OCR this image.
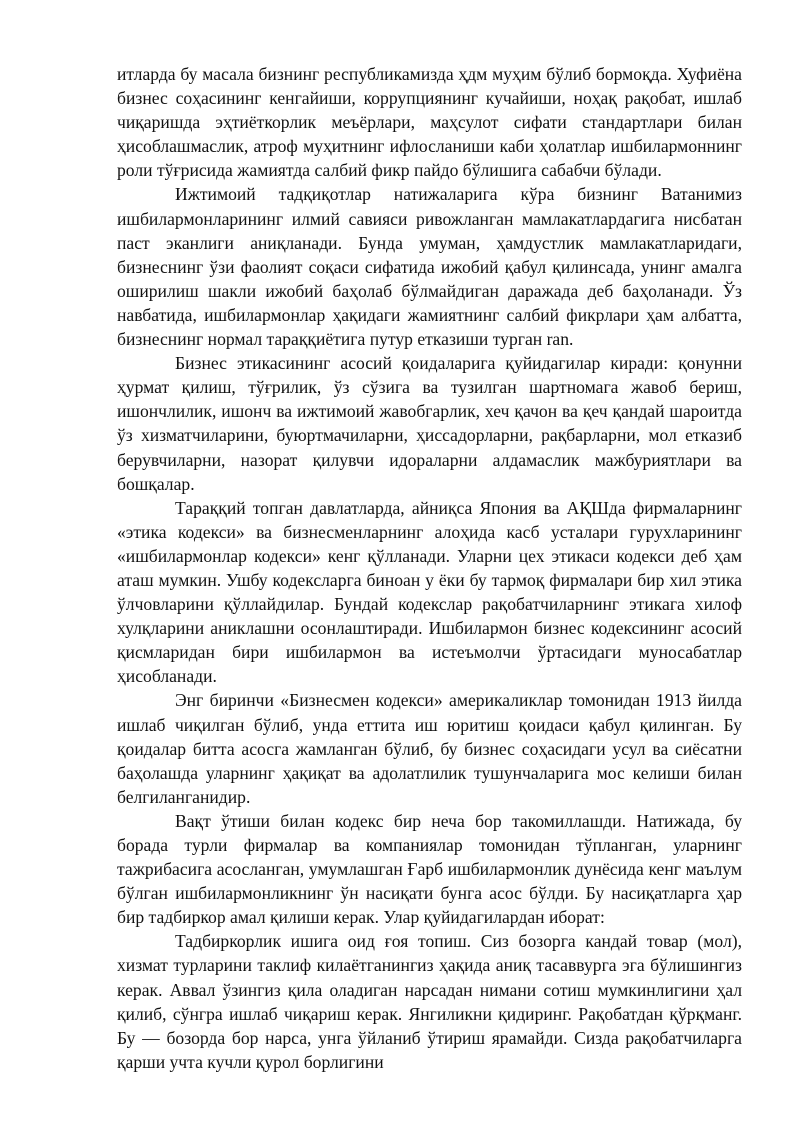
итларда бу масала бизнинг республикамизда ҳдм муҳим бўлиб бормоқда. Хуфиёна бизнес соҳасининг кенгайиши, коррупциянинг кучайиши, ноҳақ рақобат, ишлаб чиқаришда эҳтиёткорлик меъёрлари, маҳсулот сифати стандартлари билан ҳисоблашмаслик, атроф муҳитнинг ифлосланиши каби ҳолатлар ишбилармоннинг роли тўғрисида жамиятда салбий фикр пайдо бўлишига сабабчи бўлади.

Ижтимоий тадқиқотлар натижаларига кўра бизнинг Ватанимиз ишбилармонларининг илмий савияси ривожланган мамлакатлардагига нисбатан паст эканлиги аниқланади. Бунда умуман, ҳамдустлик мамлакатларидаги, бизнеснинг ўзи фаолият соқаси сифатида ижобий қабул қилинсада, унинг амалга оширилиш шакли ижобий баҳолаб бўлмайдиган даражада деб баҳоланади. Ўз навбатида, ишбилармонлар ҳақидаги жамиятнинг салбий фикрлари ҳам албатта, бизнеснинг нормал тараққиётига путур етказиши турган ran.

Бизнес этикасининг асосий қоидаларига қуйидагилар киради: қонунни ҳурмат қилиш, тўғрилик, ўз сўзига ва тузилган шартномага жавоб бериш, ишончлилик, ишонч ва ижтимоий жавобгарлик, хеч қачон ва қеч қандай шароитда ўз хизматчиларини, буюртмачиларни, ҳиссадорларни, рақбарларни, мол етказиб берувчиларни, назорат қилувчи идораларни алдамаслик мажбуриятлари ва бошқалар.

Тараққий топган давлатларда, айниқса Япония ва АҚШда фирмаларнинг «этика кодекси» ва бизнесменларнинг алоҳида касб усталари гурухларининг «ишбилармонлар кодекси» кенг қўлланади. Уларни цех этикаси кодекси деб ҳам аташ мумкин. Ушбу кодексларга биноан у ёки бу тармоқ фирмалари бир хил этика ўлчовларини қўллайдилар. Бундай кодекслар рақобатчиларнинг этикага хилоф хулқларини аниклашни осонлаштиради. Ишбилармон бизнес кодексининг асосий қисмларидан бири ишбилармон ва истеъмолчи ўртасидаги муносабатлар ҳисобланади.

Энг биринчи «Бизнесмен кодекси» америкаликлар томонидан 1913 йилда ишлаб чиқилган бўлиб, унда еттита иш юритиш қоидаси қабул қилинган. Бу қоидалар битта асосга жамланган бўлиб, бу бизнес соҳасидаги усул ва сиёсатни баҳолашда уларнинг ҳақиқат ва адолатлилик тушунчаларига мос келиши билан белгиланганидир.

Вақт ўтиши билан кодекс бир неча бор такомиллашди. Натижада, бу борада турли фирмалар ва компаниялар томонидан тўпланган, уларнинг тажрибасига асосланган, умумлашган Ғарб ишбилармонлик дунёсида кенг маълум бўлган ишбилармонликнинг ўн насиқати бунга асос бўлди. Бу насиқатларга ҳар бир тадбиркор амал қилиши керак. Улар қуйидагилардан иборат:

Тадбиркорлик ишига оид ғоя топиш. Сиз бозорга кандай товар (мол), хизмат турларини таклиф килаётганингиз ҳақида аниқ тасаввурга эга бўлишингиз керак. Аввал ўзингиз қила оладиган нарсадан нимани сотиш мумкинлигини ҳал қилиб, сўнгра ишлаб чиқариш керак. Янгиликни қидиринг. Рақобатдан қўрқманг. Бу — бозорда бор нарса, унга ўйланиб ўтириш ярамайди. Сизда рақобатчиларга қарши учта кучли қурол борлигини
